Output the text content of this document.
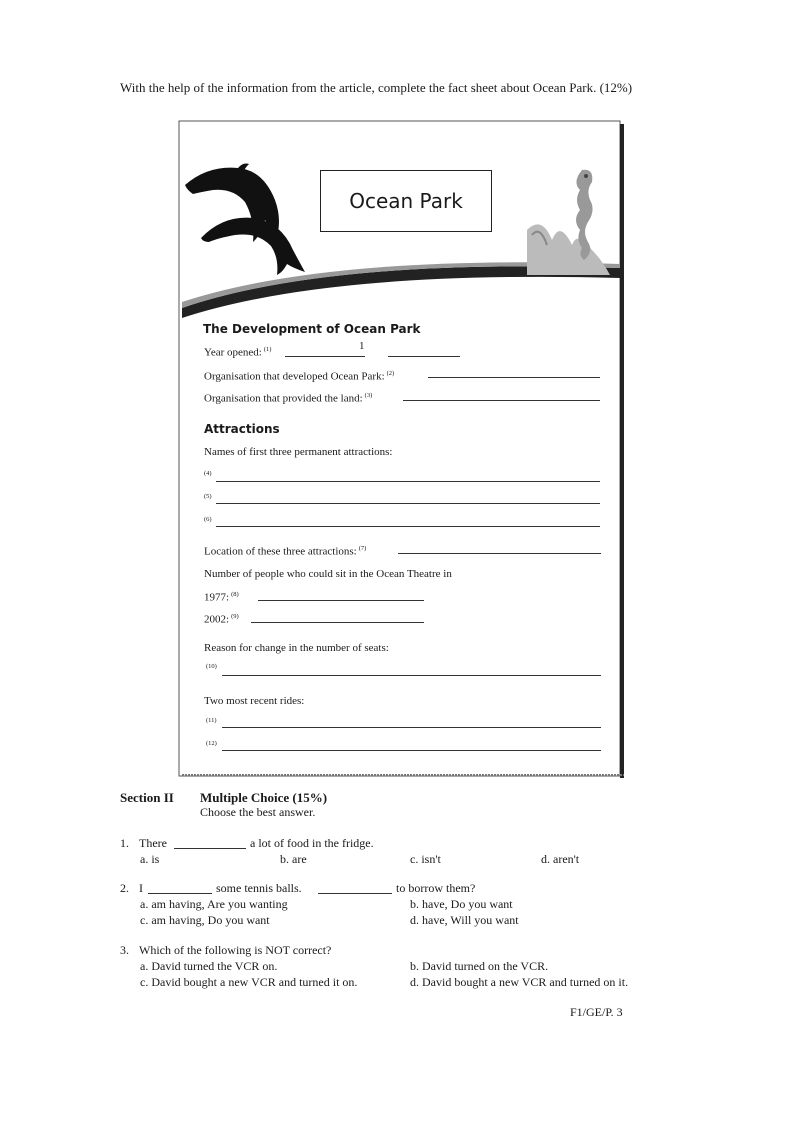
With the help of the information from the article, complete the fact sheet about Ocean Park. (12%)
Ocean Park
The Development of Ocean Park
Year opened: $^{(1)}$	1
Organisation that developed Ocean Park: $^{(2)}$
Organisation that provided the land: $^{(3)}$
Attractions
Names of first three permanent attractions:
(4)
(5)
(6)
Location of these three attractions: $^{(7)}$
Number of people who could sit in the Ocean Theatre in
1977: $^{(8)}$
2002: $^{(9)}$
Reason for change in the number of seats:
(10)
Two most recent rides:
(11)
(12)
Section II Multiple Choice (15%)
Choose the best answer.
1. There	a lot of food in the fridge.
a. is	b. are	c. isn't	d. aren't
2. I	some tennis balls.	to borrow them?
a. am having, Are you wanting	b. have, Do you want
c. am having, Do you want	d. have, Will you want
3. Which of the following is NOT correct?
a. David turned the VCR on.	b. David turned on the VCR.
c. David bought a new VCR and turned it on.	d. David bought a new VCR and turned on it.
F1/GE/P. 3
